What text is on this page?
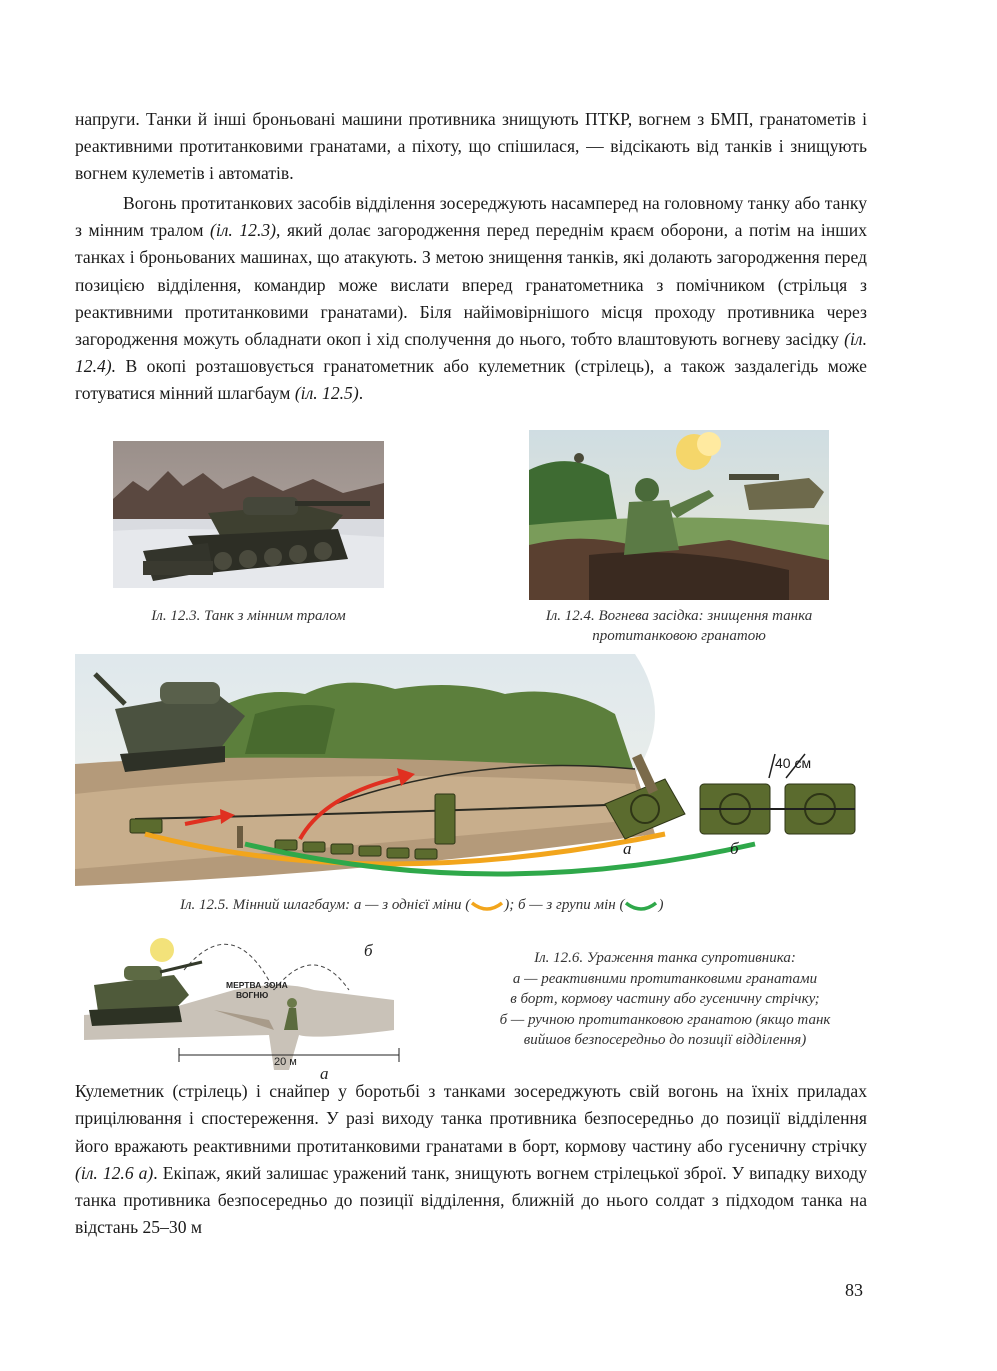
напруги. Танки й інші броньовані машини противника знищують ПТКР, вогнем з БМП, гранатометів і реактивними протитанковими гранатами, а піхоту, що спішилася, — відсікають від танків і знищують вогнем кулеметів і автоматів.

Вогонь протитанкових засобів відділення зосереджують насамперед на головному танку або танку з мінним тралом (іл. 12.3), який долає загородження перед переднім краєм оборони, а потім на інших танках і броньованих машинах, що атакують. З метою знищення танків, які долають загородження перед позицією відділення, командир може вислати вперед гранатометника з помічником (стрільця з реактивними протитанковими гранатами). Біля найімовірнішого місця проходу противника через загородження можуть обладнати окоп і хід сполучення до нього, тобто влаштовують вогневу засідку (іл. 12.4). В окопі розташовується гранатометник або кулеметник (стрілець), а також заздалегідь може готуватися мінний шлагбаум (іл. 12.5).

Іл. 12.3. Танк з мінним тралом	Іл. 12.4. Вогнева засідка: знищення танка
протитанковою гранатою
40 см
а	б
Іл. 12.5. Мінний шлагбаум: а — з однієї міни ( ); б — з групи мін ( )
МЕРТВА ЗОНА
ВОГНЮ
20 м
б
а
Іл. 12.6. Ураження танка супротивника:
а — реактивними протитанковими гранатами
в борт, кормову частину або гусеничну стрічку;
б — ручною протитанковою гранатою (якщо танк
вийшов безпосередньо до позиції відділення)

Кулеметник (стрілець) і снайпер у боротьбі з танками зосереджують свій вогонь на їхніх приладах прицілювання і спостереження. У разі виходу танка противника безпосередньо до позиції відділення його вражають реактивними протитанковими гранатами в борт, кормову частину або гусеничну стрічку (іл. 12.6 а). Екіпаж, який залишає уражений танк, знищують вогнем стрілецької зброї. У випадку виходу танка противника безпосередньо до позиції відділення, ближній до нього солдат з підходом танка на відстань 25–30 м

83
